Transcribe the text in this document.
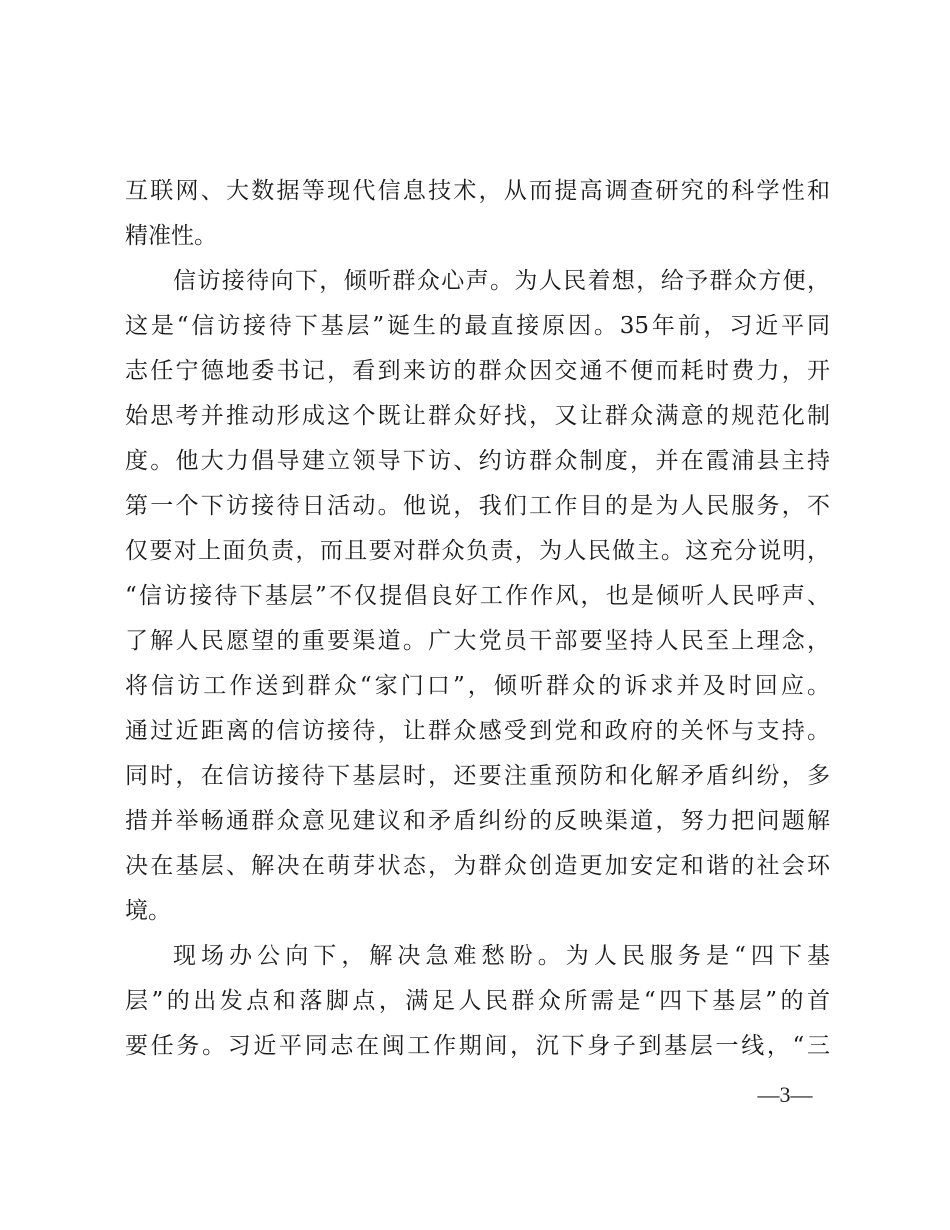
互联网、大数据等现代信息技术，从而提高调查研究的科学性和
精准性。
信访接待向下，倾听群众心声。为人民着想，给予群众方便，
这是“信访接待下基层”诞生的最直接原因。35年前，习近平同
志任宁德地委书记，看到来访的群众因交通不便而耗时费力，开
始思考并推动形成这个既让群众好找，又让群众满意的规范化制
度。他大力倡导建立领导下访、约访群众制度，并在霞浦县主持
第一个下访接待日活动。他说，我们工作目的是为人民服务，不
仅要对上面负责，而且要对群众负责，为人民做主。这充分说明，
“信访接待下基层”不仅提倡良好工作作风，也是倾听人民呼声、
了解人民愿望的重要渠道。广大党员干部要坚持人民至上理念，
将信访工作送到群众“家门口”，倾听群众的诉求并及时回应。
通过近距离的信访接待，让群众感受到党和政府的关怀与支持。
同时，在信访接待下基层时，还要注重预防和化解矛盾纠纷，多
措并举畅通群众意见建议和矛盾纠纷的反映渠道，努力把问题解
决在基层、解决在萌芽状态，为群众创造更加安定和谐的社会环
境。
现场办公向下，解决急难愁盼。为人民服务是“四下基
层”的出发点和落脚点，满足人民群众所需是“四下基层”的首
要任务。习近平同志在闽工作期间，沉下身子到基层一线，“三
—3—
